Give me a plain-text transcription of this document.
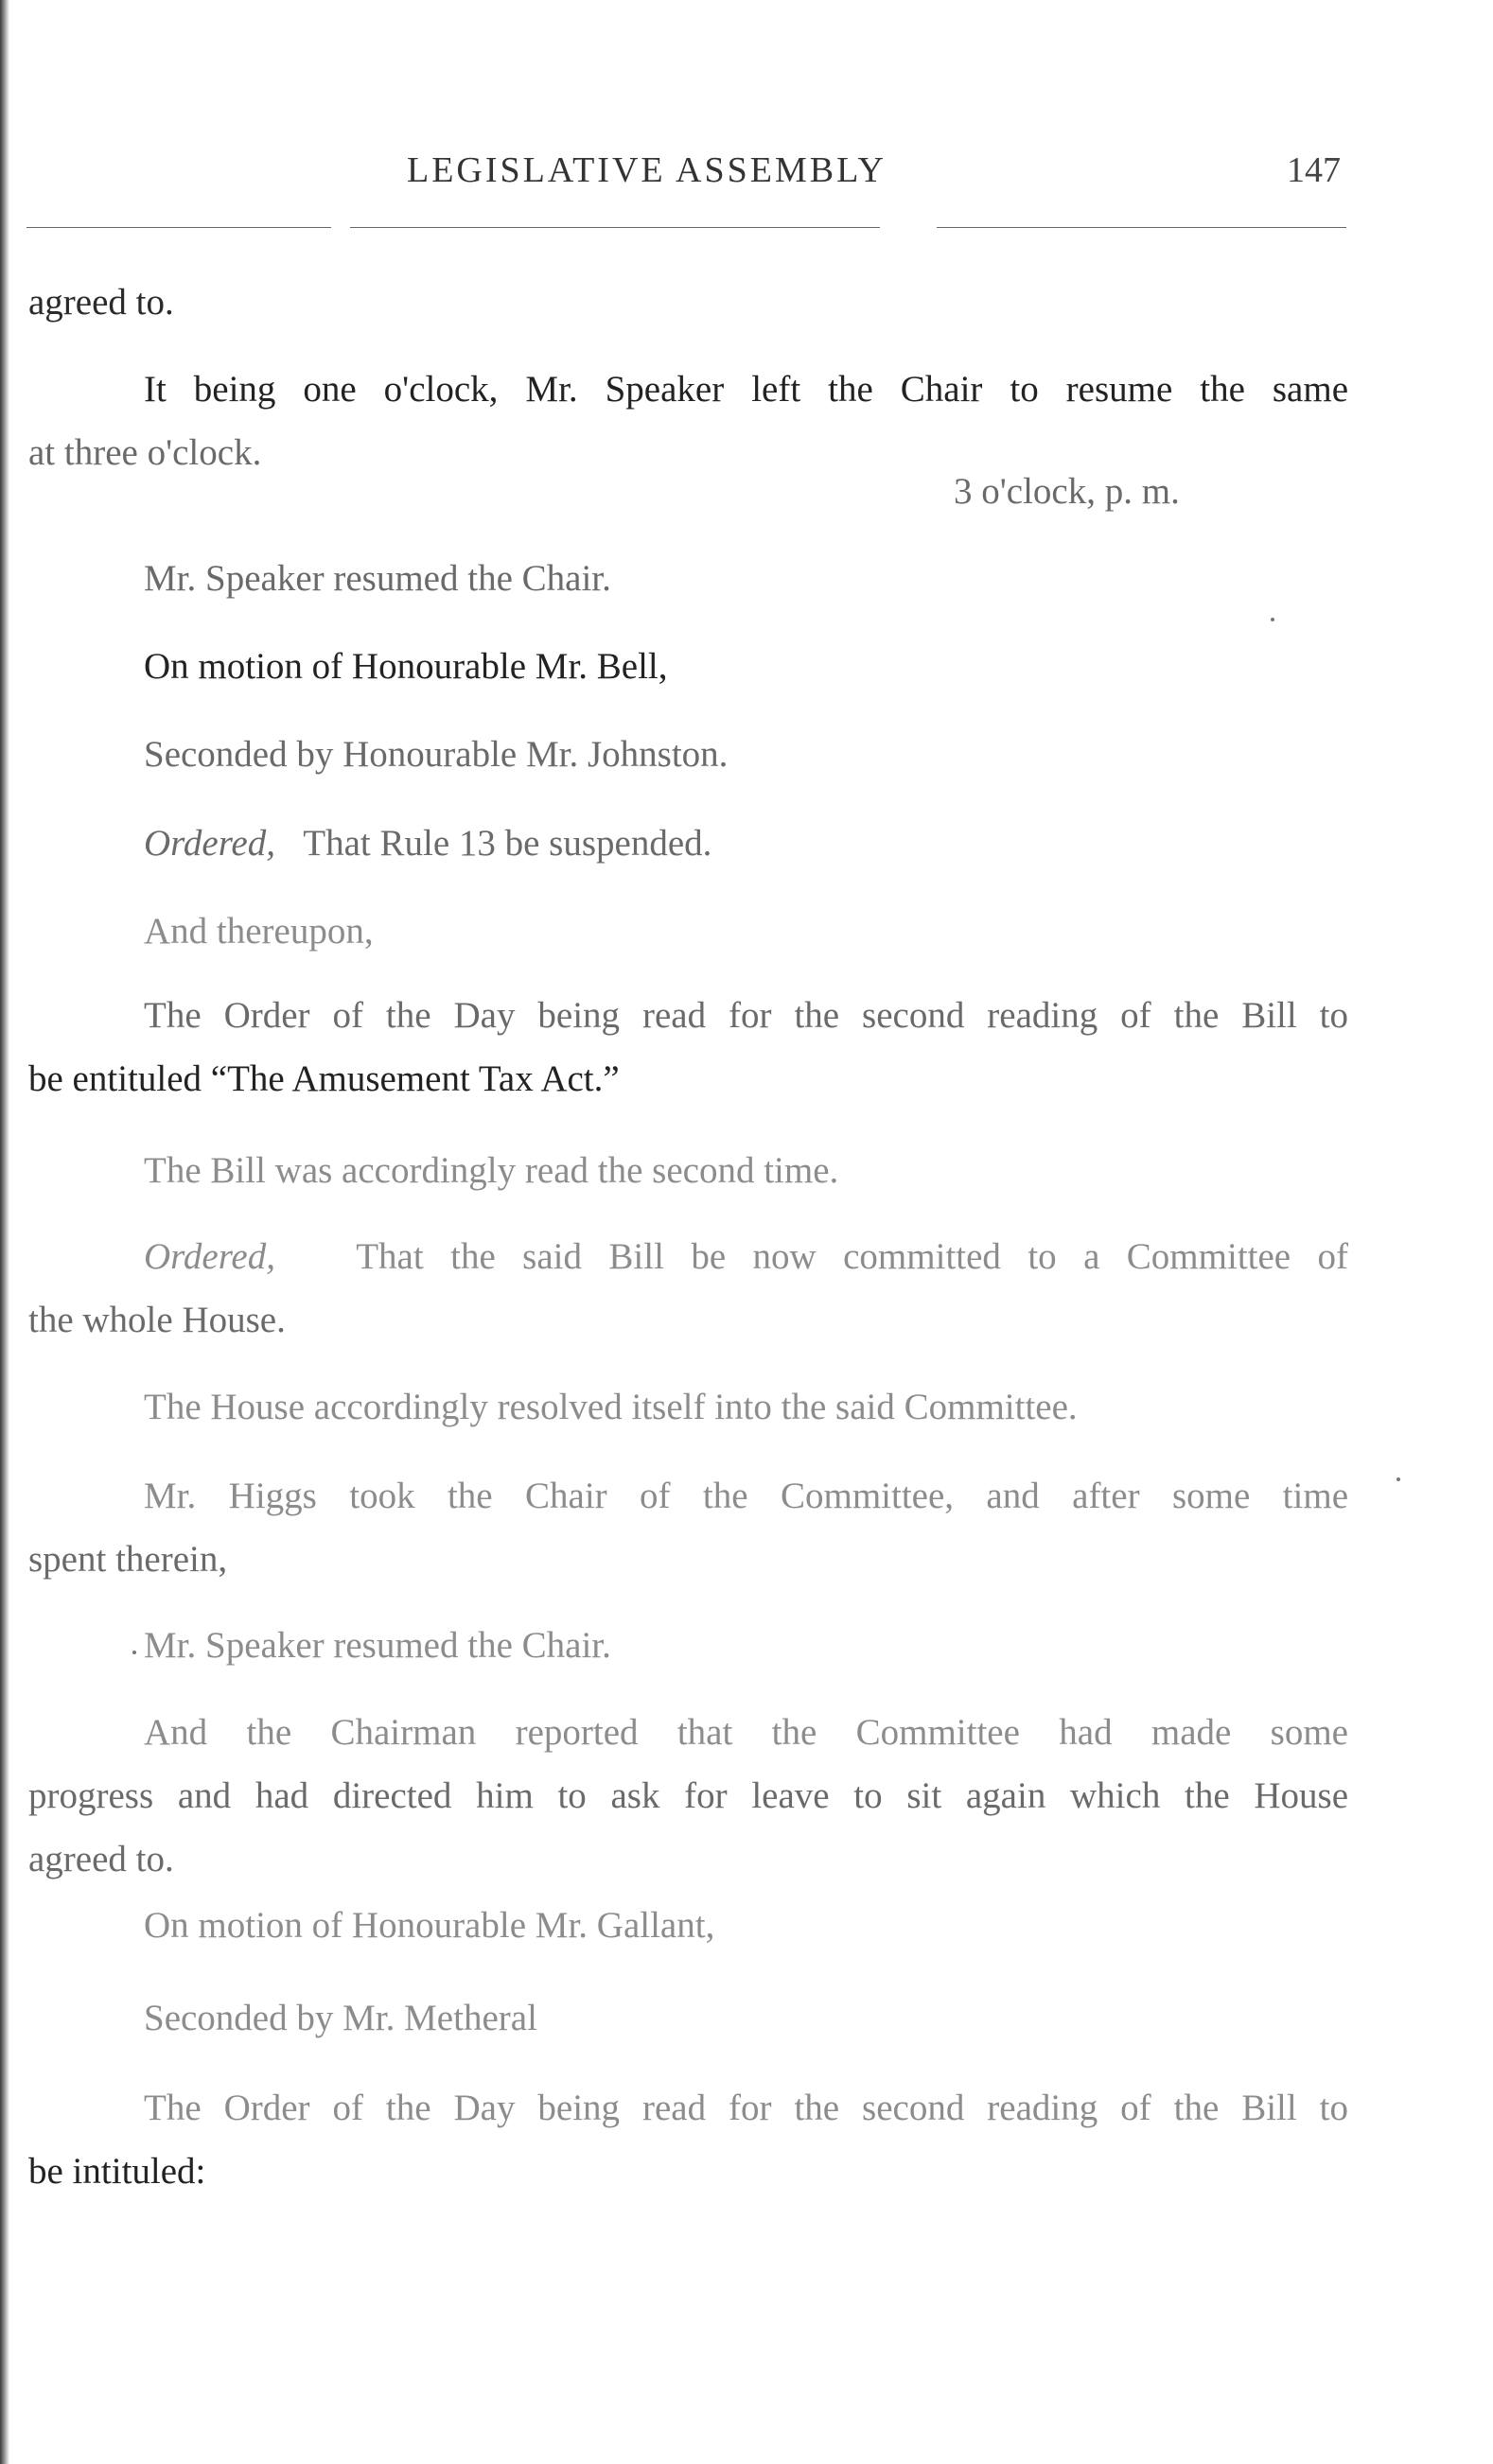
LEGISLATIVE ASSEMBLY	147
agreed to.
It being one o'clock, Mr. Speaker left the Chair to resume the same
at three o'clock.
3 o'clock, p. m.
Mr. Speaker resumed the Chair.
On motion of Honourable Mr. Bell,
Seconded by Honourable Mr. Johnston.
Ordered, That Rule 13 be suspended.
And thereupon,
The Order of the Day being read for the second reading of the Bill to
be entituled “The Amusement Tax Act.”
The Bill was accordingly read the second time.
Ordered, That the said Bill be now committed to a Committee of
the whole House.
The House accordingly resolved itself into the said Committee.
Mr. Higgs took the Chair of the Committee, and after some time
spent therein,
Mr. Speaker resumed the Chair.
And the Chairman reported that the Committee had made some
progress and had directed him to ask for leave to sit again which the House
agreed to.
On motion of Honourable Mr. Gallant,
Seconded by Mr. Metheral
The Order of the Day being read for the second reading of the Bill to
be intituled:
